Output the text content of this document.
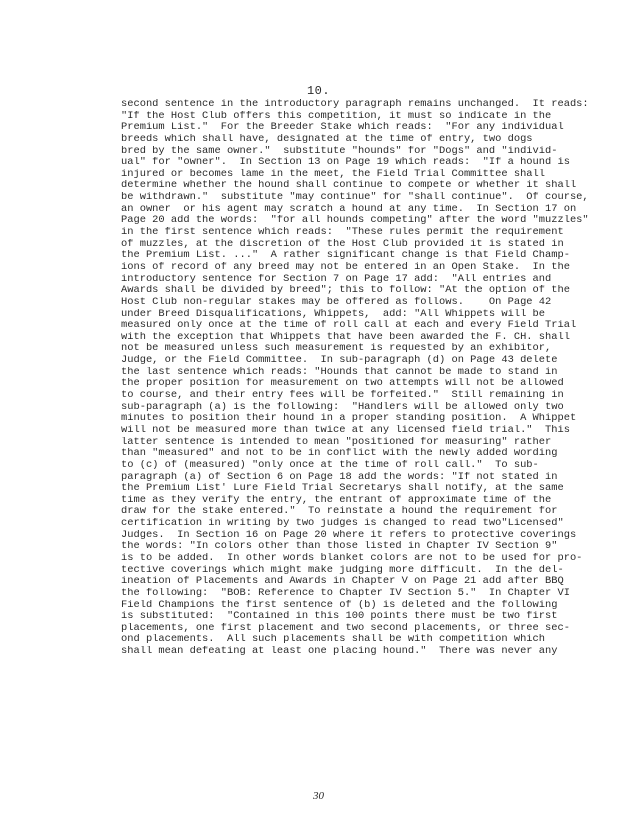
10.
second sentence in the introductory paragraph remains unchanged.  It reads:
"If the Host Club offers this competition, it must so indicate in the
Premium List."  For the Breeder Stake which reads:  "For any individual
breeds which shall have, designated at the time of entry, two dogs
bred by the same owner."  substitute "hounds" for "Dogs" and "individ-
ual" for "owner".  In Section 13 on Page 19 which reads:  "If a hound is
injured or becomes lame in the meet, the Field Trial Committee shall
determine whether the hound shall continue to compete or whether it shall
be withdrawn."  substitute "may continue" for "shall continue".  Of course,
an owner  or his agent may scratch a hound at any time.  In Section 17 on
Page 20 add the words:  "for all hounds competing" after the word "muzzles"
in the first sentence which reads:  "These rules permit the requirement
of muzzles, at the discretion of the Host Club provided it is stated in
the Premium List. ..."  A rather significant change is that Field Champ-
ions of record of any breed may not be entered in an Open Stake.  In the
introductory sentence for Section 7 on Page 17 add:  "All entries and
Awards shall be divided by breed"; this to follow: "At the option of the
Host Club non-regular stakes may be offered as follows.    On Page 42
under Breed Disqualifications, Whippets,  add: "All Whippets will be
measured only once at the time of roll call at each and every Field Trial
with the exception that Whippets that have been awarded the F. CH. shall
not be measured unless such measurement is requested by an exhibitor,
Judge, or the Field Committee.  In sub-paragraph (d) on Page 43 delete
the last sentence which reads: "Hounds that cannot be made to stand in
the proper position for measurement on two attempts will not be allowed
to course, and their entry fees will be forfeited."  Still remaining in
sub-paragraph (a) is the following:  "Handlers will be allowed only two
minutes to position their hound in a proper standing position.  A Whippet
will not be measured more than twice at any licensed field trial."  This
latter sentence is intended to mean "positioned for measuring" rather
than "measured" and not to be in conflict with the newly added wording
to (c) of (measured) "only once at the time of roll call."  To sub-
paragraph (a) of Section 6 on Page 18 add the words: "If not stated in
the Premium List' Lure Field Trial Secretarys shall notify, at the same
time as they verify the entry, the entrant of approximate time of the
draw for the stake entered."  To reinstate a hound the requirement for
certification in writing by two judges is changed to read two"Licensed"
Judges.  In Section 16 on Page 20 where it refers to protective coverings
the words: "In colors other than those listed in Chapter IV Section 9"
is to be added.  In other words blanket colors are not to be used for pro-
tective coverings which might make judging more difficult.  In the del-
ineation of Placements and Awards in Chapter V on Page 21 add after BBQ
the following:  "BOB: Reference to Chapter IV Section 5."  In Chapter VI
Field Champions the first sentence of (b) is deleted and the following
is substituted:  "Contained in this 100 points there must be two first
placements, one first placement and two second placements, or three sec-
ond placements.  All such placements shall be with competition which
shall mean defeating at least one placing hound."  There was never any
30
